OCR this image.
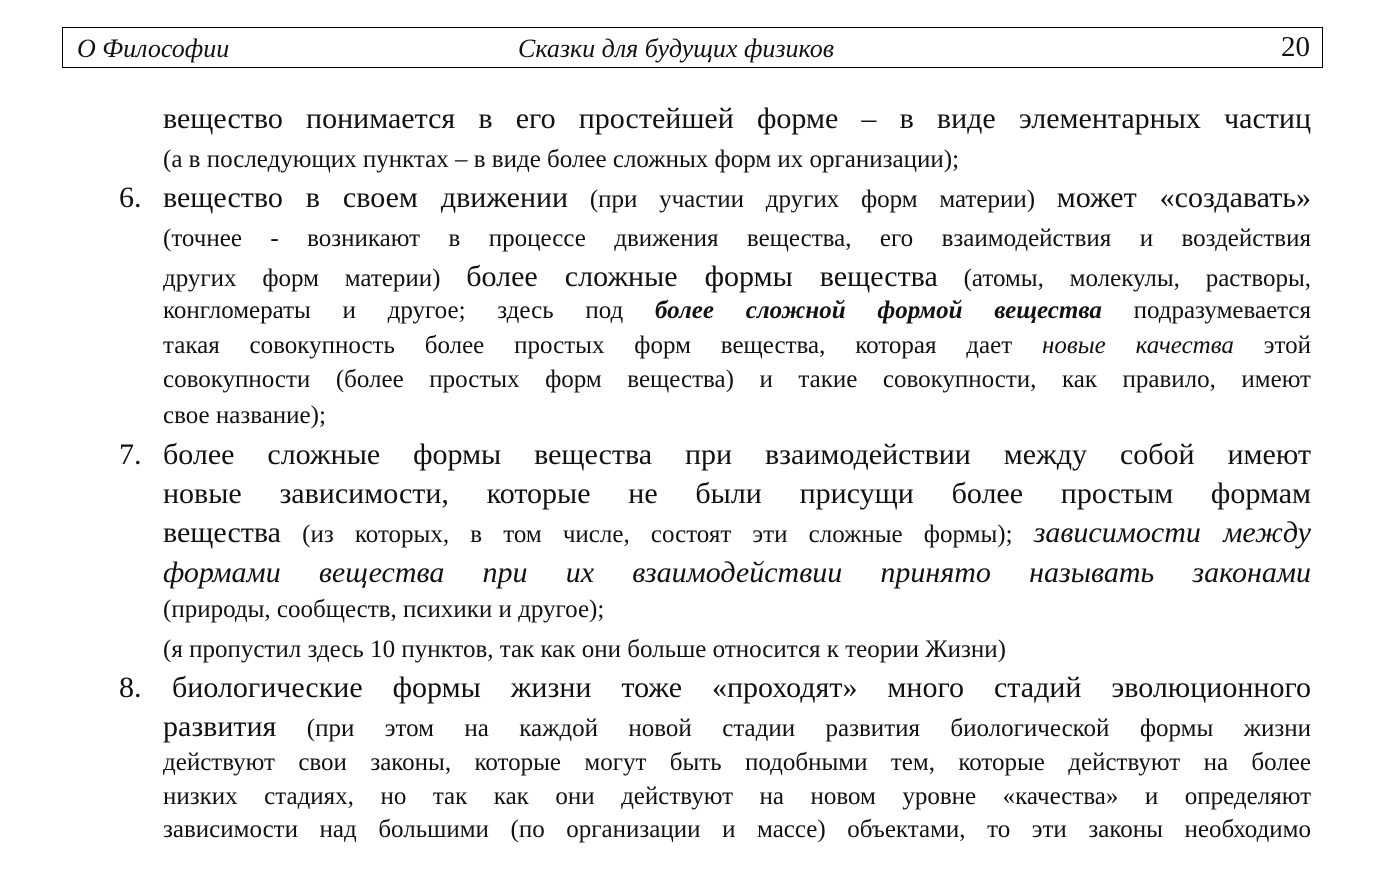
О Философии	Сказки для будущих физиков	20
вещество понимается в его простейшей форме – в виде элементарных частиц
(а в последующих пунктах – в виде более сложных форм их организации);
6. вещество в своем движении (при участии других форм материи) может «создавать»
(точнее - возникают в процессе движения вещества, его взаимодействия и воздействия
других форм материи) более сложные формы вещества (атомы, молекулы, растворы,
конгломераты и другое; здесь под более сложной формой вещества подразумевается
такая совокупность более простых форм вещества, которая дает новые качества этой
совокупности (более простых форм вещества) и такие совокупности, как правило, имеют
свое название);
7. более сложные формы вещества при взаимодействии между собой имеют
новые зависимости, которые не были присущи более простым формам
вещества (из которых, в том числе, состоят эти сложные формы); зависимости между
формами вещества при их взаимодействии принято называть законами
(природы, сообществ, психики и другое);
(я пропустил здесь 10 пунктов, так как они больше относится к теории Жизни)
8. биологические формы жизни тоже «проходят» много стадий эволюционного
развития (при этом на каждой новой стадии развития биологической формы жизни
действуют свои законы, которые могут быть подобными тем, которые действуют на более
низких стадиях, но так как они действуют на новом уровне «качества» и определяют
зависимости над большими (по организации и массе) объектами, то эти законы необходимо
